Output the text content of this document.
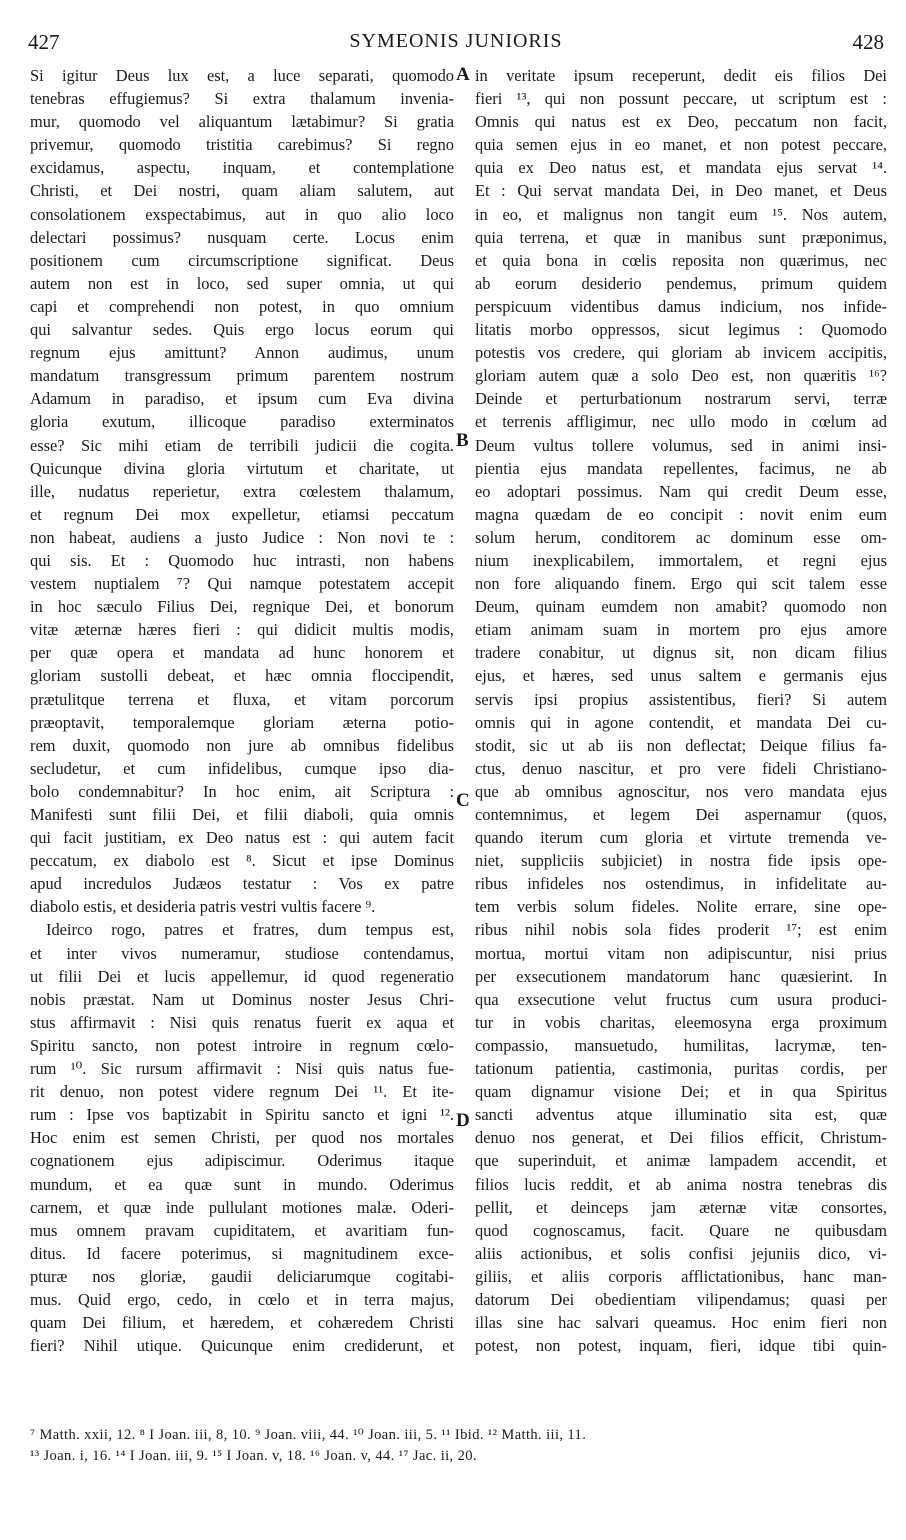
427	SYMEONIS JUNIORIS	428
Si igitur Deus lux est, a luce separati, quomodo
tenebras effugiemus? Si extra thalamum invenia-
mur, quomodo vel aliquantum lætabimur? Si gratia
privemur, quomodo tristitia carebimus? Si regno
excidamus, aspectu, inquam, et contemplatione
Christi, et Dei nostri, quam aliam salutem, aut
consolationem exspectabimus, aut in quo alio loco
delectari possimus? nusquam certe. Locus enim
positionem cum circumscriptione significat. Deus
autem non est in loco, sed super omnia, ut qui
capi et comprehendi non potest, in quo omnium
qui salvantur sedes. Quis ergo locus eorum qui
regnum ejus amittunt? Annon audimus, unum
mandatum transgressum primum parentem nostrum
Adamum in paradiso, et ipsum cum Eva divina
gloria exutum, illicoque paradiso exterminatos
esse? Sic mihi etiam de terribili judicii die cogita.
Quicunque divina gloria virtutum et charitate, ut
ille, nudatus reperietur, extra cœlestem thalamum,
et regnum Dei mox expelletur, etiamsi peccatum
non habeat, audiens a justo Judice : Non novi te :
qui sis. Et : Quomodo huc intrasti, non habens
vestem nuptialem ⁷? Qui namque potestatem accepit
in hoc sæculo Filius Dei, regnique Dei, et bonorum
vitæ æternæ hæres fieri : qui didicit multis modis,
per quæ opera et mandata ad hunc honorem et
gloriam sustolli debeat, et hæc omnia floccipendit,
prætulitque terrena et fluxa, et vitam porcorum
præoptavit, temporalemque gloriam æterna potio-
rem duxit, quomodo non jure ab omnibus fidelibus
secludetur, et cum infidelibus, cumque ipso dia-
bolo condemnabitur? In hoc enim, ait Scriptura :
Manifesti sunt filii Dei, et filii diaboli, quia omnis
qui facit justitiam, ex Deo natus est : qui autem facit
peccatum, ex diabolo est ⁸. Sicut et ipse Dominus
apud incredulos Judæos testatur : Vos ex patre
diabolo estis, et desideria patris vestri vultis facere ⁹.
Ideirco rogo, patres et fratres, dum tempus est,
et inter vivos numeramur, studiose contendamus,
ut filii Dei et lucis appellemur, id quod regeneratio
nobis præstat. Nam ut Dominus noster Jesus Chri-
stus affirmavit : Nisi quis renatus fuerit ex aqua et
Spiritu sancto, non potest introire in regnum cœlo-
rum ¹⁰. Sic rursum affirmavit : Nisi quis natus fue-
rit denuo, non potest videre regnum Dei ¹¹. Et ite-
rum : Ipse vos baptizabit in Spiritu sancto et igni ¹².
Hoc enim est semen Christi, per quod nos mortales
cognationem ejus adipiscimur. Oderimus itaque
mundum, et ea quæ sunt in mundo. Oderimus
carnem, et quæ inde pullulant motiones malæ. Oderi-
mus omnem pravam cupiditatem, et avaritiam fun-
ditus. Id facere poterimus, si magnitudinem exce-
pturæ nos gloriæ, gaudii deliciarumque cogitabi-
mus. Quid ergo, cedo, in cœlo et in terra majus,
quam Dei filium, et hæredem, et cohæredem Christi
fieri? Nihil utique. Quicunque enim crediderunt, et
in veritate ipsum receperunt, dedit eis filios Dei
fieri ¹³, qui non possunt peccare, ut scriptum est :
Omnis qui natus est ex Deo, peccatum non facit,
quia semen ejus in eo manet, et non potest peccare,
quia ex Deo natus est, et mandata ejus servat ¹⁴.
Et : Qui servat mandata Dei, in Deo manet, et Deus
in eo, et malignus non tangit eum ¹⁵. Nos autem,
quia terrena, et quæ in manibus sunt præponimus,
et quia bona in cœlis reposita non quærimus, nec
ab eorum desiderio pendemus, primum quidem
perspicuum videntibus damus indicium, nos infide-
litatis morbo oppressos, sicut legimus : Quomodo
potestis vos credere, qui gloriam ab invicem accipitis,
gloriam autem quæ a solo Deo est, non quæritis ¹⁶?
Deinde et perturbationum nostrarum servi, terræ
et terrenis affligimur, nec ullo modo in cœlum ad
Deum vultus tollere volumus, sed in animi insi-
pientia ejus mandata repellentes, facimus, ne ab
eo adoptari possimus. Nam qui credit Deum esse,
magna quædam de eo concipit : novit enim eum
solum herum, conditorem ac dominum esse om-
nium inexplicabilem, immortalem, et regni ejus
non fore aliquando finem. Ergo qui scit talem esse
Deum, quinam eumdem non amabit? quomodo non
etiam animam suam in mortem pro ejus amore
tradere conabitur, ut dignus sit, non dicam filius
ejus, et hæres, sed unus saltem e germanis ejus
servis ipsi propius assistentibus, fieri? Si autem
omnis qui in agone contendit, et mandata Dei cu-
stodit, sic ut ab iis non deflectat; Deique filius fa-
ctus, denuo nascitur, et pro vere fideli Christiano-
que ab omnibus agnoscitur, nos vero mandata ejus
contemnimus, et legem Dei aspernamur (quos,
quando iterum cum gloria et virtute tremenda ve-
niet, suppliciis subjiciet) in nostra fide ipsis ope-
ribus infideles nos ostendimus, in infidelitate au-
tem verbis solum fideles. Nolite errare, sine ope-
ribus nihil nobis sola fides proderit ¹⁷; est enim
mortua, mortui vitam non adipiscuntur, nisi prius
per exsecutionem mandatorum hanc quæsierint. In
qua exsecutione velut fructus cum usura produci-
tur in vobis charitas, eleemosyna erga proximum
compassio, mansuetudo, humilitas, lacrymæ, ten-
tationum patientia, castimonia, puritas cordis, per
quam dignamur visione Dei; et in qua Spiritus
sancti adventus atque illuminatio sita est, quæ
denuo nos generat, et Dei filios efficit, Christum-
que superinduit, et animæ lampadem accendit, et
filios lucis reddit, et ab anima nostra tenebras dis
pellit, et deinceps jam æternæ vitæ consortes,
quod cognoscamus, facit. Quare ne quibusdam
aliis actionibus, et solis confisi jejuniis dico, vi-
giliis, et aliis corporis afflictationibus, hanc man-
datorum Dei obedientiam vilipendamus; quasi per
illas sine hac salvari queamus. Hoc enim fieri non
potest, non potest, inquam, fieri, idque tibi quin-
A
B
C
D
⁷ Matth. xxii, 12. ⁸ I Joan. iii, 8, 10. ⁹ Joan. viii, 44. ¹⁰ Joan. iii, 5. ¹¹ Ibid. ¹² Matth. iii, 11.
¹³ Joan. i, 16. ¹⁴ I Joan. iii, 9. ¹⁵ I Joan. v, 18. ¹⁶ Joan. v, 44. ¹⁷ Jac. ii, 20.
